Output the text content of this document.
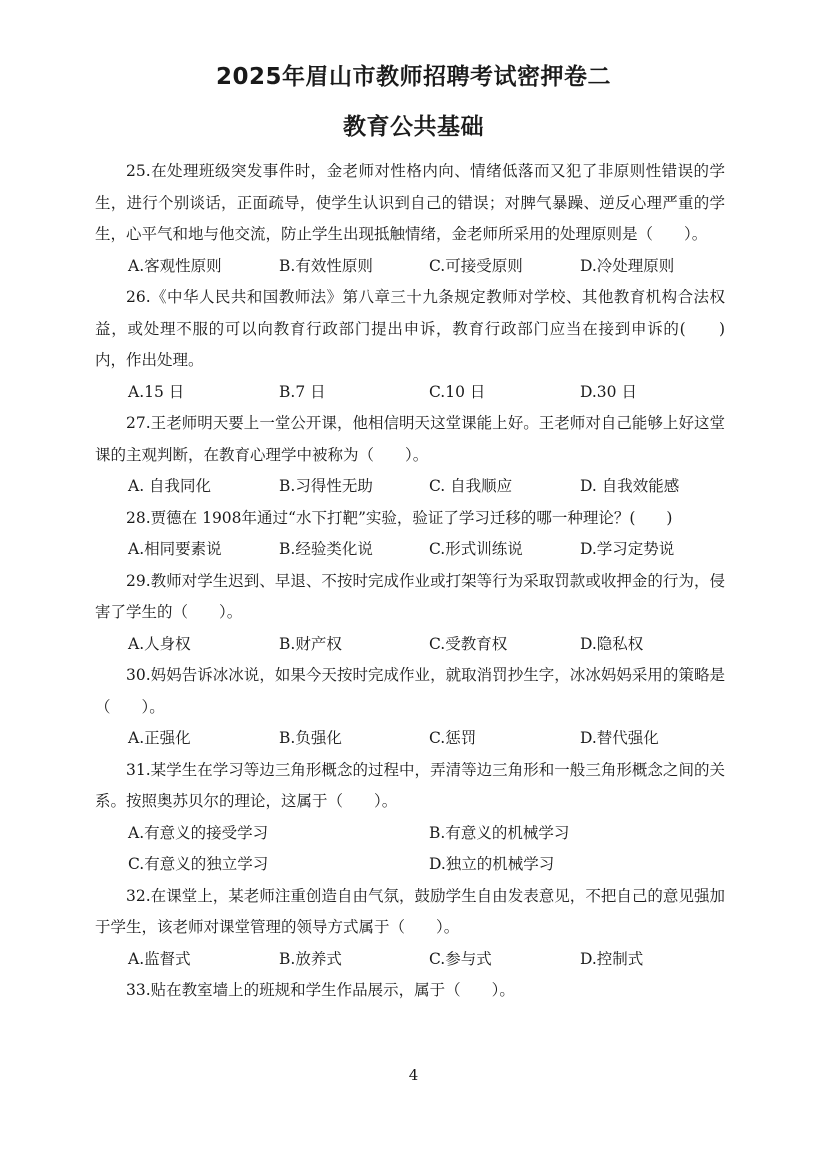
2025年眉山市教师招聘考试密押卷二
教育公共基础

25.在处理班级突发事件时，金老师对性格内向、情绪低落而又犯了非原则性错误的学生，进行个别谈话，正面疏导，使学生认识到自己的错误；对脾气暴躁、逆反心理严重的学生，心平气和地与他交流，防止学生出现抵触情绪，金老师所采用的处理原则是（　　）。

A.客观性原则	B.有效性原则	C.可接受原则	D.冷处理原则

26.《中华人民共和国教师法》第八章三十九条规定教师对学校、其他教育机构合法权益，或处理不服的可以向教育行政部门提出申诉，教育行政部门应当在接到申诉的(　　)内，作出处理。

A.15 日	B.7 日	C.10 日	D.30 日

27.王老师明天要上一堂公开课，他相信明天这堂课能上好。王老师对自己能够上好这堂课的主观判断，在教育心理学中被称为（　　）。

A. 自我同化	B.习得性无助	C. 自我顺应	D. 自我效能感

28.贾德在 1908年通过“水下打靶”实验，验证了学习迁移的哪一种理论？(　　)

A.相同要素说	B.经验类化说	C.形式训练说	D.学习定势说

29.教师对学生迟到、早退、不按时完成作业或打架等行为采取罚款或收押金的行为，侵害了学生的（　　）。

A.人身权	B.财产权	C.受教育权	D.隐私权

30.妈妈告诉冰冰说，如果今天按时完成作业，就取消罚抄生字，冰冰妈妈采用的策略是（　　）。

A.正强化	B.负强化	C.惩罚	D.替代强化

31.某学生在学习等边三角形概念的过程中，弄清等边三角形和一般三角形概念之间的关系。按照奥苏贝尔的理论，这属于（　　）。

A.有意义的接受学习	B.有意义的机械学习
C.有意义的独立学习	D.独立的机械学习

32.在课堂上，某老师注重创造自由气氛，鼓励学生自由发表意见，不把自己的意见强加于学生，该老师对课堂管理的领导方式属于（　　）。

A.监督式	B.放养式	C.参与式	D.控制式

33.贴在教室墙上的班规和学生作品展示，属于（　　）。

4
